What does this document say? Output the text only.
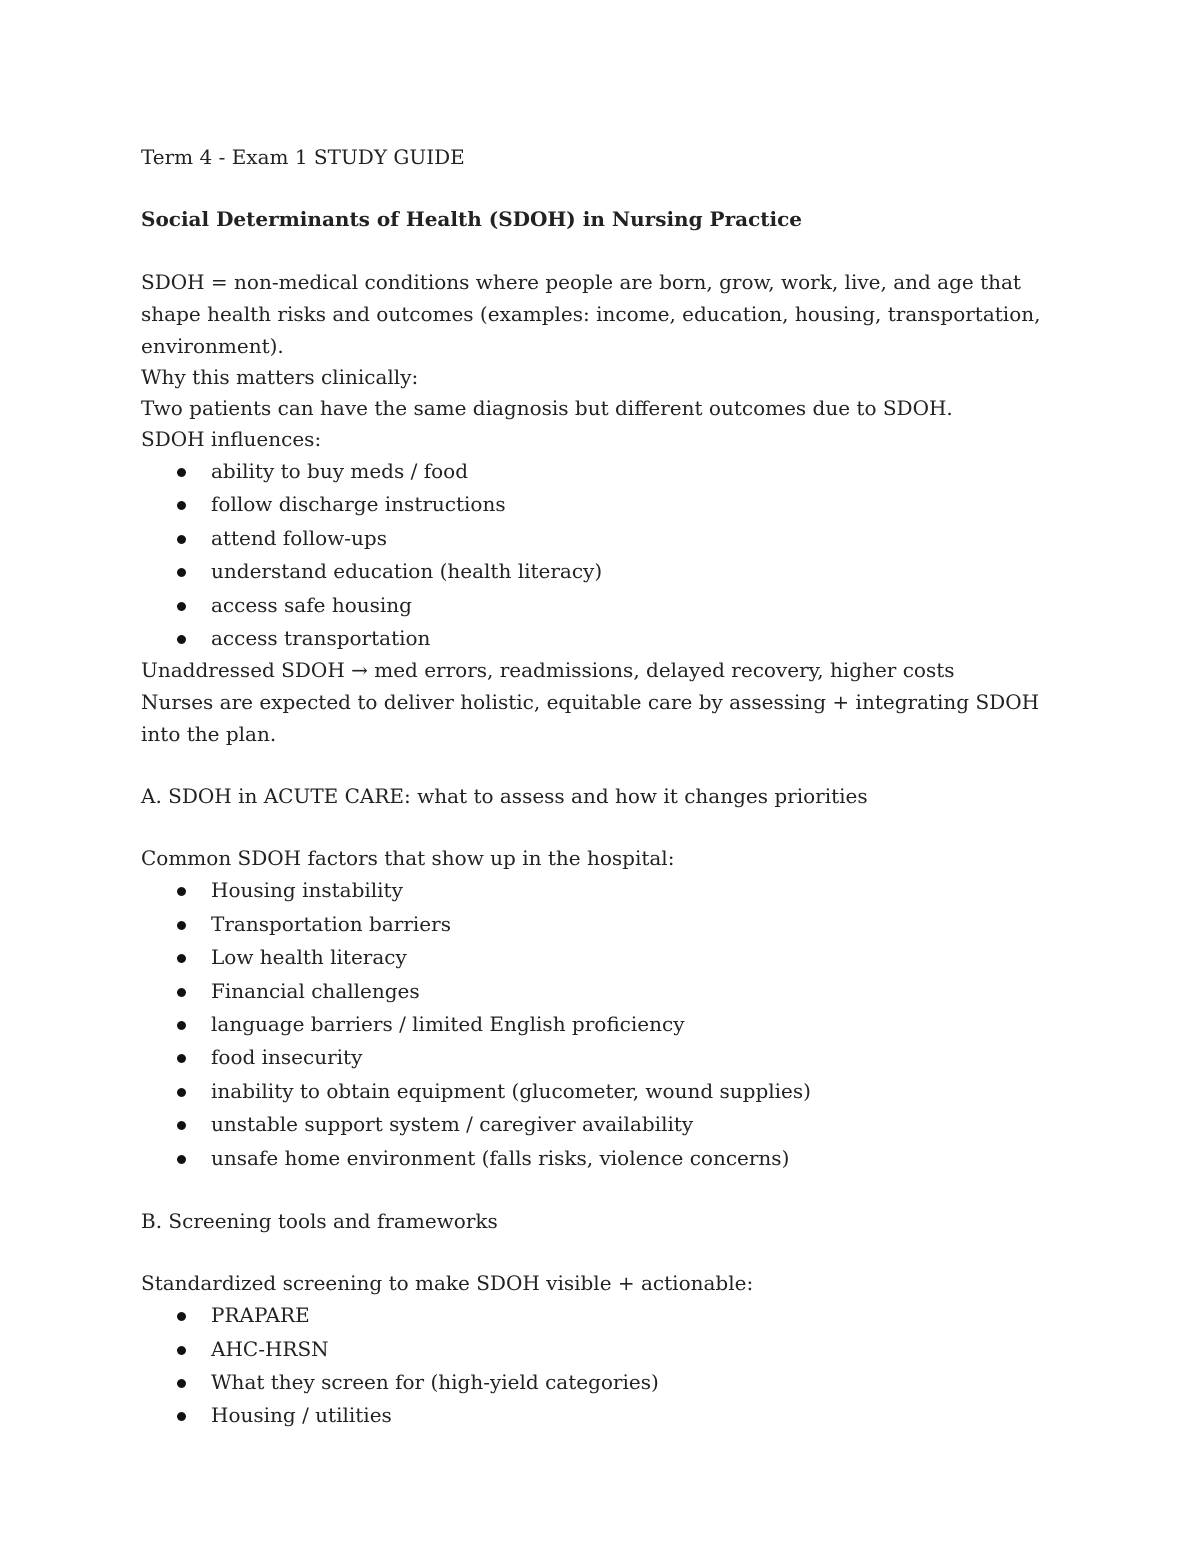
Term 4 - Exam 1 STUDY GUIDE

Social Determinants of Health (SDOH) in Nursing Practice

SDOH = non-medical conditions where people are born, grow, work, live, and age that shape health risks and outcomes (examples: income, education, housing, transportation, environment).

Why this matters clinically:

Two patients can have the same diagnosis but different outcomes due to SDOH.

SDOH influences:

ability to buy meds / food
follow discharge instructions
attend follow-ups
understand education (health literacy)
access safe housing
access transportation

Unaddressed SDOH → med errors, readmissions, delayed recovery, higher costs

Nurses are expected to deliver holistic, equitable care by assessing + integrating SDOH into the plan.

A. SDOH in ACUTE CARE: what to assess and how it changes priorities

Common SDOH factors that show up in the hospital:

Housing instability
Transportation barriers
Low health literacy
Financial challenges
language barriers / limited English proficiency
food insecurity
inability to obtain equipment (glucometer, wound supplies)
unstable support system / caregiver availability
unsafe home environment (falls risks, violence concerns)

B. Screening tools and frameworks

Standardized screening to make SDOH visible + actionable:

PRAPARE
AHC-HRSN
What they screen for (high-yield categories)
Housing / utilities
